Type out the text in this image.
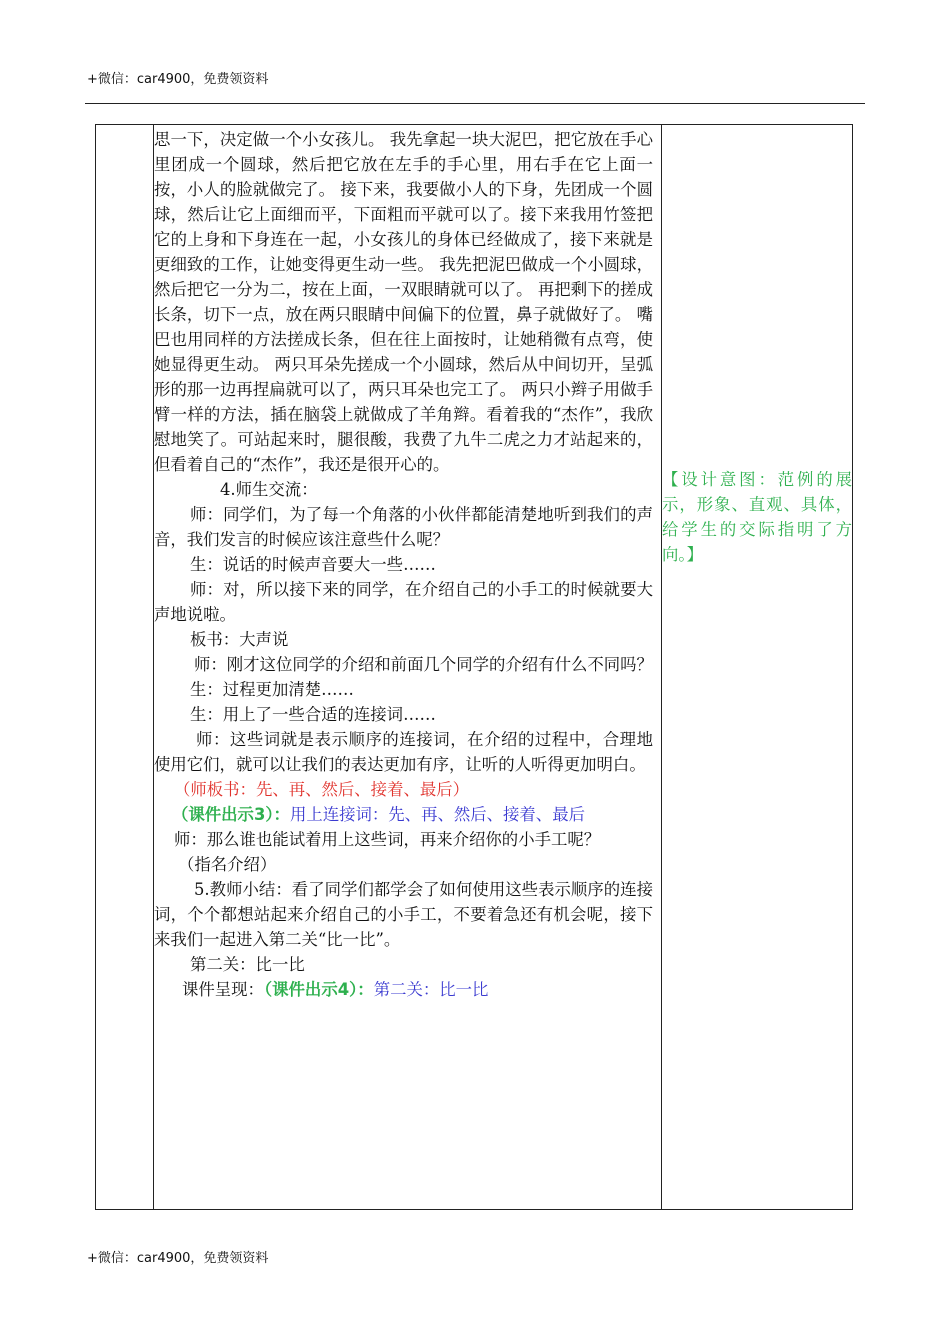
+微信：car4900，免费领资料

思一下，决定做一个小女孩儿。 我先拿起一块大泥巴，把它放在手心里团成一个圆球，然后把它放在左手的手心里，用右手在它上面一按，小人的脸就做完了。 接下来，我要做小人的下身，先团成一个圆球，然后让它上面细而平，下面粗而平就可以了。接下来我用竹签把它的上身和下身连在一起，小女孩儿的身体已经做成了，接下来就是更细致的工作，让她变得更生动一些。 我先把泥巴做成一个小圆球，然后把它一分为二，按在上面，一双眼睛就可以了。 再把剩下的搓成长条，切下一点，放在两只眼睛中间偏下的位置，鼻子就做好了。 嘴巴也用同样的方法搓成长条，但在往上面按时，让她稍微有点弯，使她显得更生动。 两只耳朵先搓成一个小圆球，然后从中间切开，呈弧形的那一边再捏扁就可以了，两只耳朵也完工了。 两只小辫子用做手臂一样的方法，插在脑袋上就做成了羊角辫。看着我的“杰作”，我欣慰地笑了。可站起来时，腿很酸，我费了九牛二虎之力才站起来的，但看着自己的“杰作”，我还是很开心的。

4.师生交流：

师：同学们，为了每一个角落的小伙伴都能清楚地听到我们的声音，我们发言的时候应该注意些什么呢？

生：说话的时候声音要大一些……

师：对，所以接下来的同学，在介绍自己的小手工的时候就要大声地说啦。

板书：大声说

师：刚才这位同学的介绍和前面几个同学的介绍有什么不同吗？

生：过程更加清楚……

生：用上了一些合适的连接词……

师：这些词就是表示顺序的连接词，在介绍的过程中，合理地使用它们，就可以让我们的表达更加有序，让听的人听得更加明白。

（师板书：先、再、然后、接着、最后）

（课件出示3）：用上连接词：先、再、然后、接着、最后

师：那么谁也能试着用上这些词，再来介绍你的小手工呢？

（指名介绍）

5.教师小结：看了同学们都学会了如何使用这些表示顺序的连接词，个个都想站起来介绍自己的小手工，不要着急还有机会呢，接下来我们一起进入第二关“比一比”。

第二关：比一比

课件呈现：（课件出示4）：第二关：比一比

【设计意图：范例的展示，形象、直观、具体，给学生的交际指明了方向。】
+微信：car4900，免费领资料
